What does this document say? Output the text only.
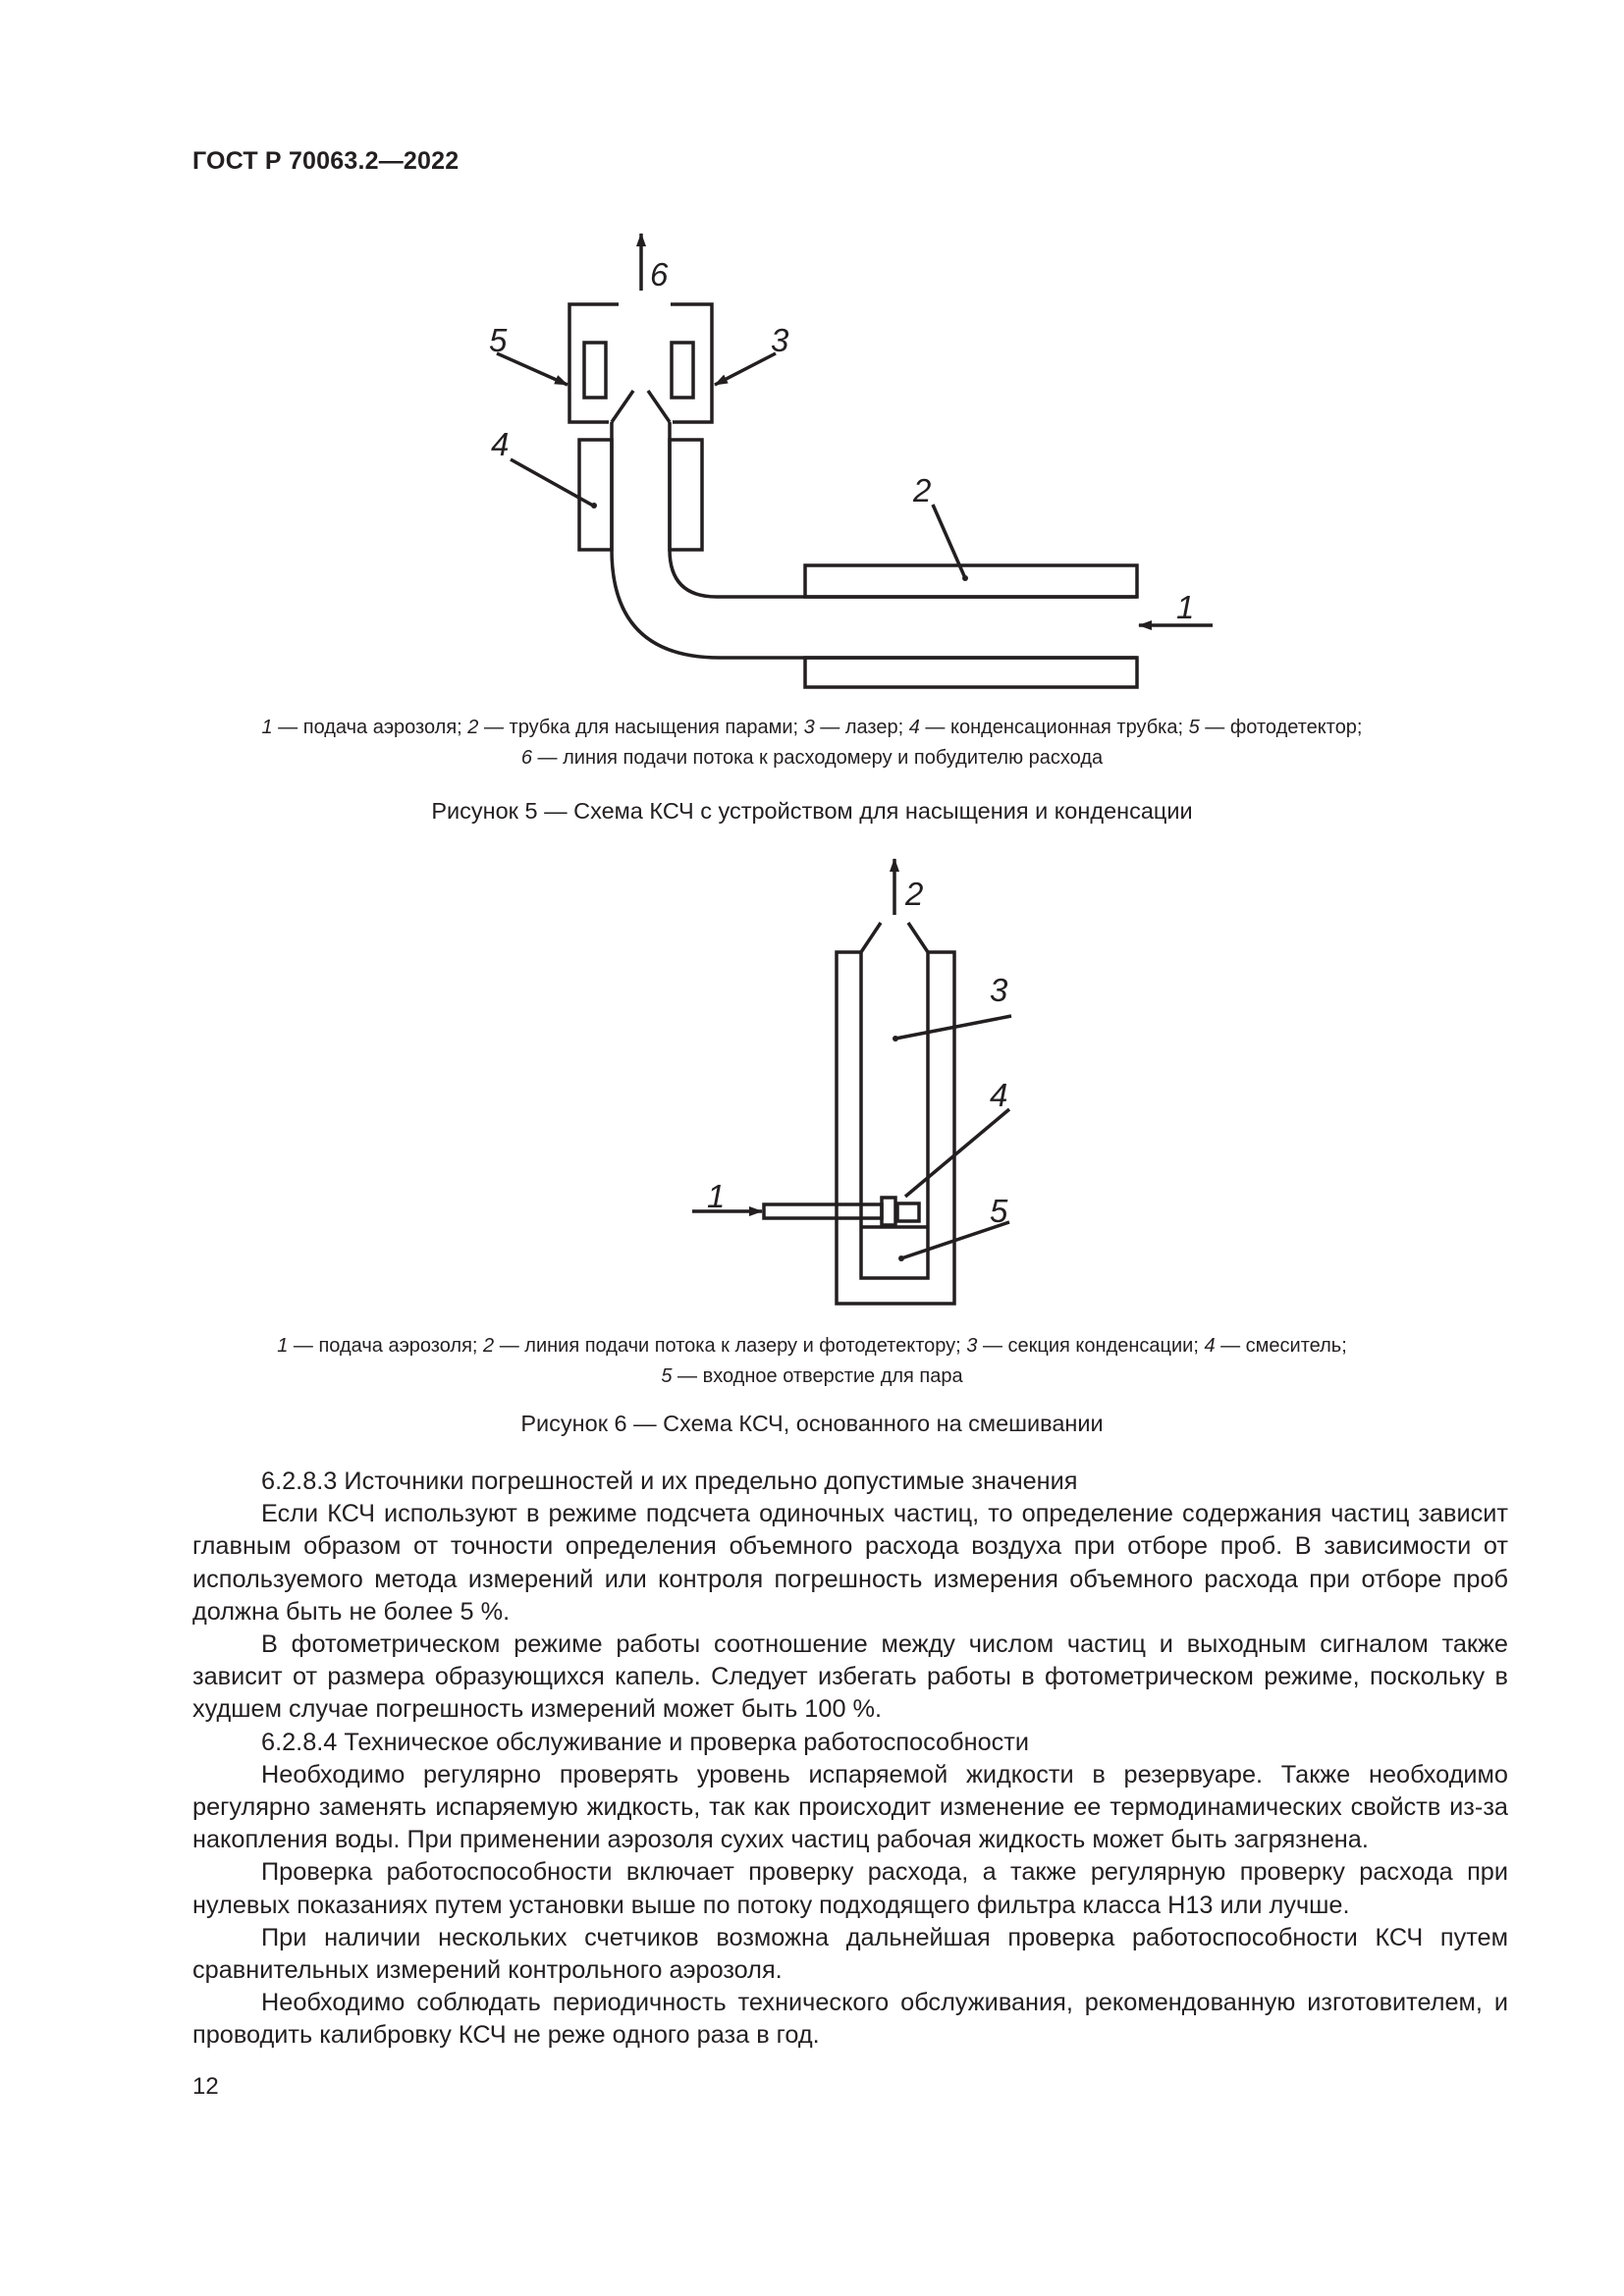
ГОСТ Р 70063.2—2022
6
5	3
4
2
1
1 — подача аэрозоля; 2 — трубка для насыщения парами; 3 — лазер; 4 — конденсационная трубка; 5 — фотодетектор;
6 — линия подачи потока к расходомеру и побудителю расхода
Рисунок 5 — Схема КСЧ с устройством для насыщения и конденсации
2
3
4
5
1
1 — подача аэрозоля; 2 — линия подачи потока к лазеру и фотодетектору; 3 — секция конденсации; 4 — смеситель;
5 — входное отверстие для пара
Рисунок 6 — Схема КСЧ, основанного на смешивании

6.2.8.3 Источники погрешностей и их предельно допустимые значения

Если КСЧ используют в режиме подсчета одиночных частиц, то определение содержания частиц зависит главным образом от точности определения объемного расхода воздуха при отборе проб. В зависимости от используемого метода измерений или контроля погрешность измерения объемного расхода при отборе проб должна быть не более 5 %.

В фотометрическом режиме работы соотношение между числом частиц и выходным сигналом также зависит от размера образующихся капель. Следует избегать работы в фотометрическом режиме, поскольку в худшем случае погрешность измерений может быть 100 %.

6.2.8.4 Техническое обслуживание и проверка работоспособности

Необходимо регулярно проверять уровень испаряемой жидкости в резервуаре. Также необходимо регулярно заменять испаряемую жидкость, так как происходит изменение ее термодинамических свойств из-за накопления воды. При применении аэрозоля сухих частиц рабочая жидкость может быть загрязнена.

Проверка работоспособности включает проверку расхода, а также регулярную проверку расхода при нулевых показаниях путем установки выше по потоку подходящего фильтра класса Н13 или лучше.

При наличии нескольких счетчиков возможна дальнейшая проверка работоспособности КСЧ путем сравнительных измерений контрольного аэрозоля.

Необходимо соблюдать периодичность технического обслуживания, рекомендованную изготовителем, и проводить калибровку КСЧ не реже одного раза в год.

12
